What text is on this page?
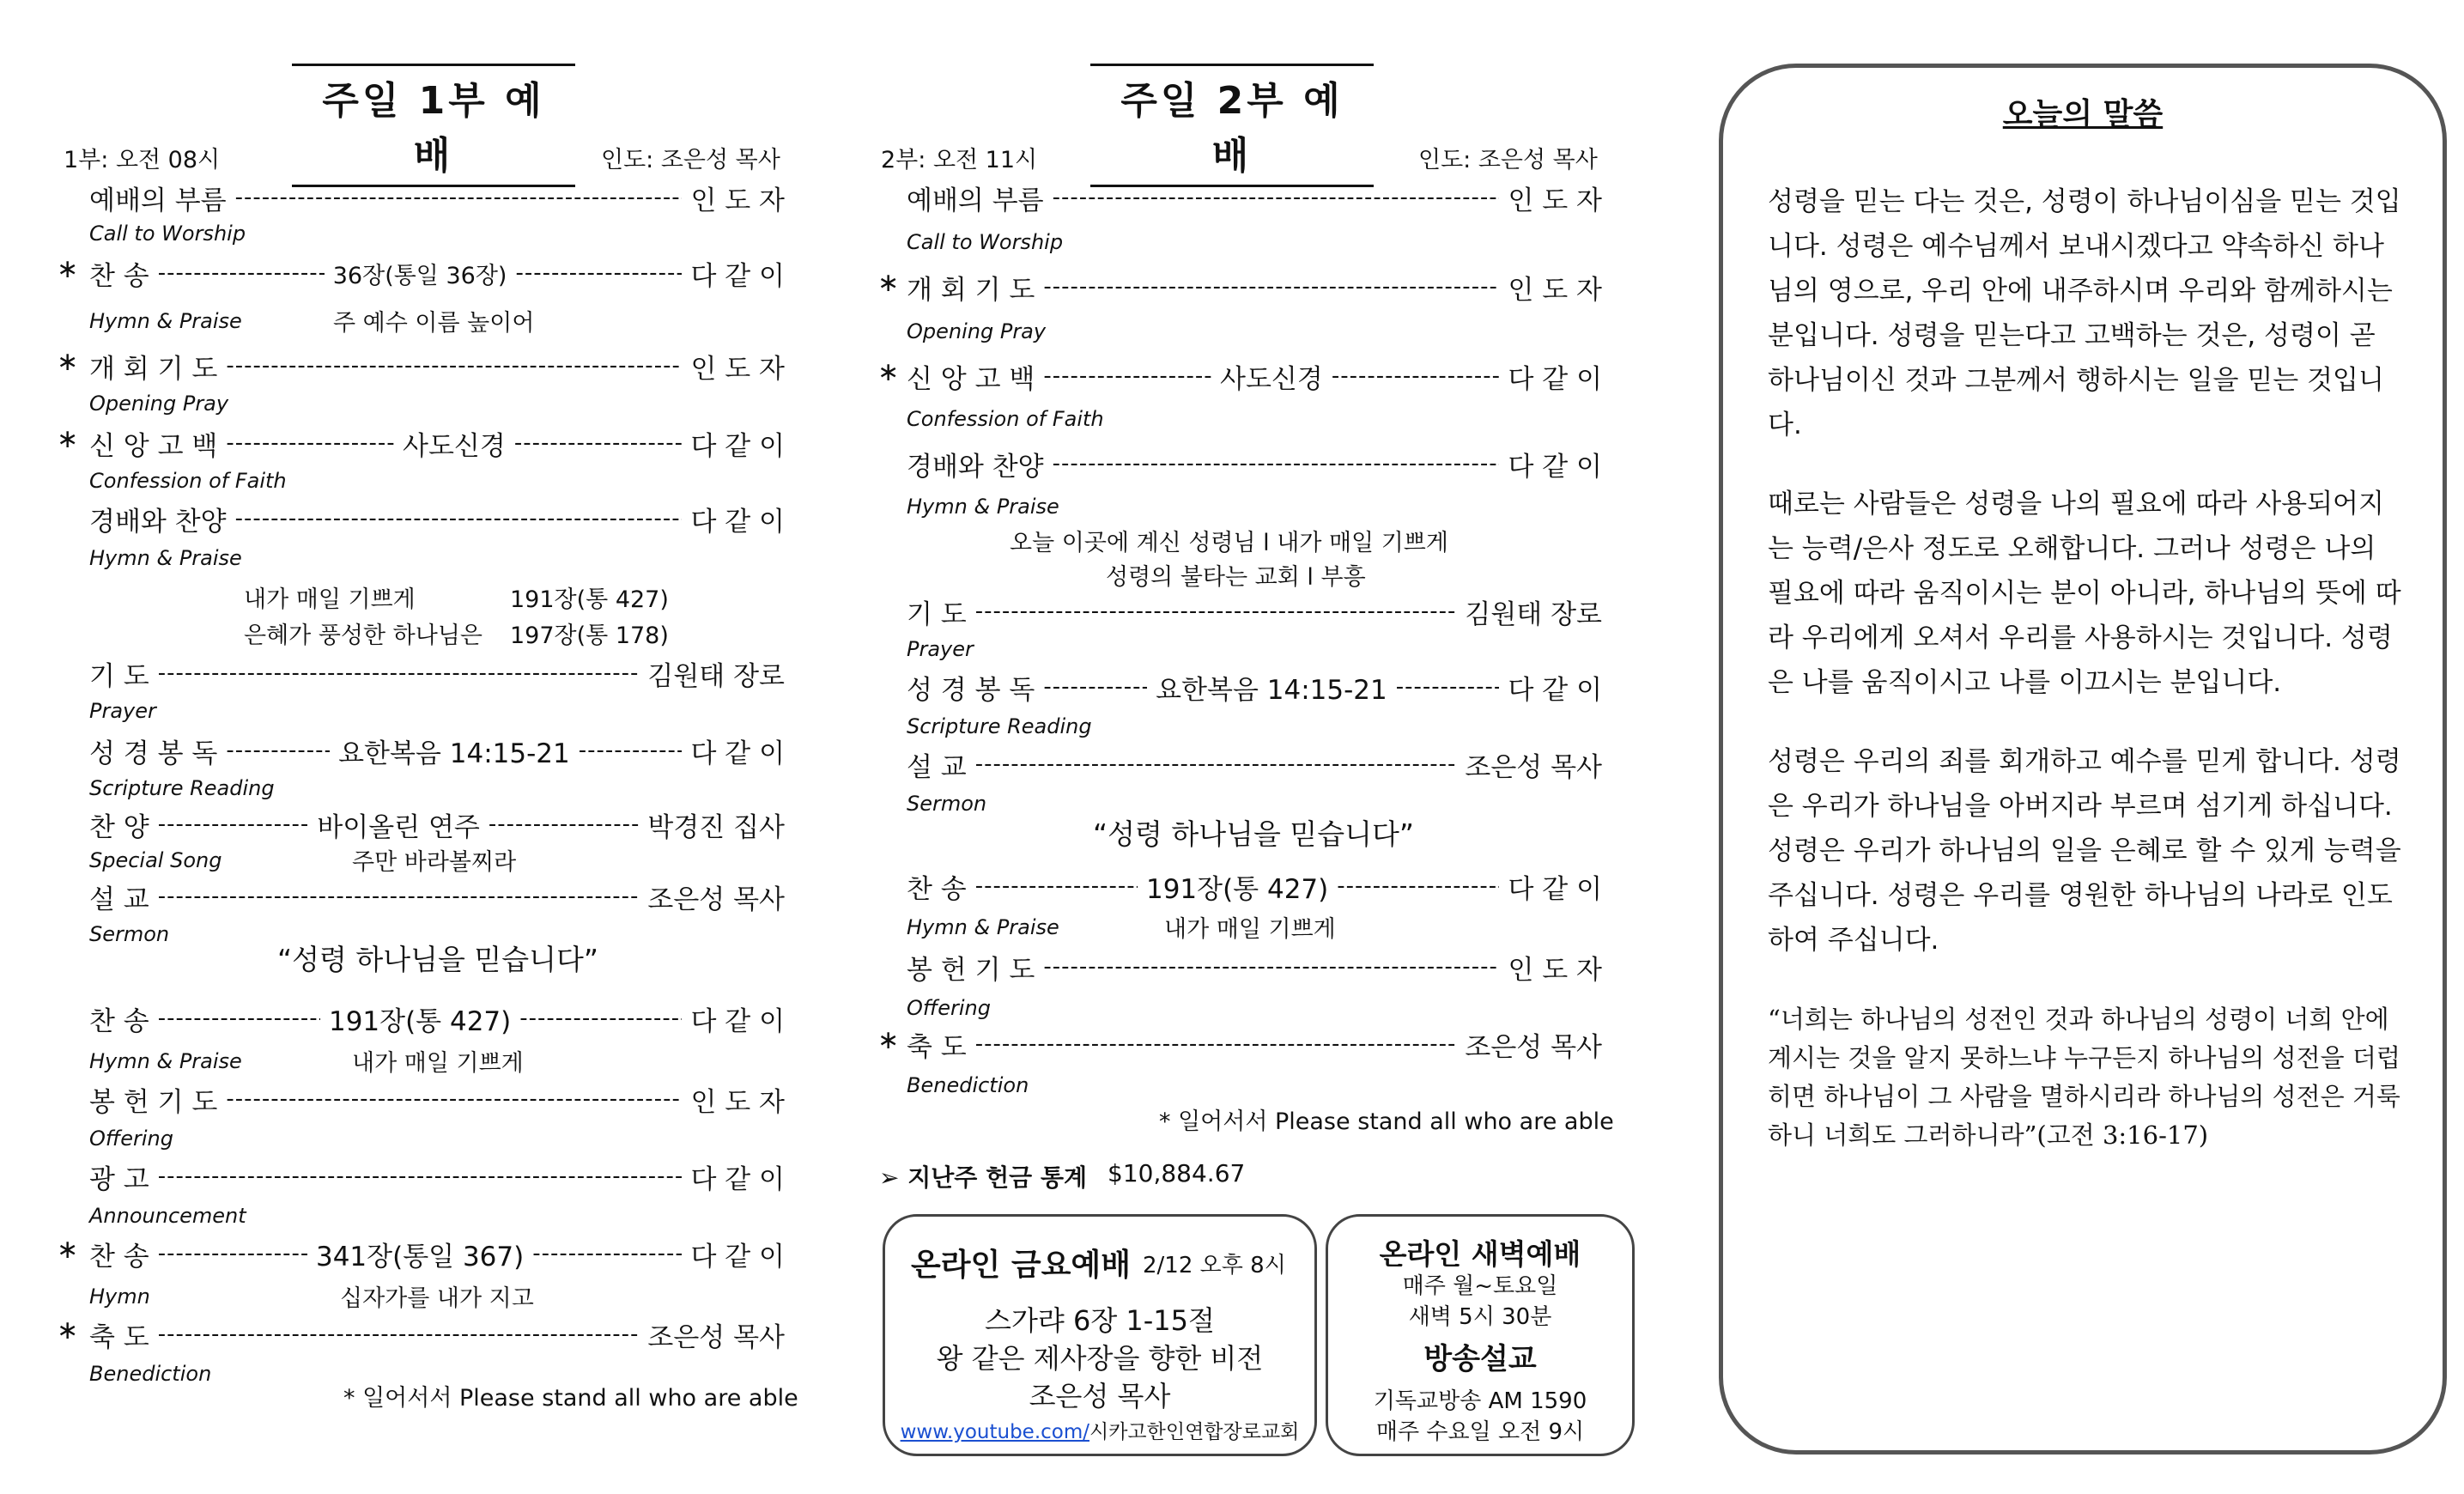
주일 1부 예배
1부: 오전 08시	인도: 조은성 목사
예배의 부름 -----	인 도 자
Call to Worship
∗ 찬 송 -----	36장(통일 36장) -----	다 같 이
Hymn & Praise	주 예수 이름 높이어
∗ 개 회 기 도 -----	인 도 자
Opening Pray
∗ 신 앙 고 백 -----	사도신경 -----	다 같 이
Confession of Faith
경배와 찬양 -----	다 같 이
Hymn & Praise
내가 매일 기쁘게	191장(통 427)
은혜가 풍성한 하나님은 197장(통 178)
기 도 -----	김원태 장로
Prayer
성 경 봉 독 -----	요한복음 14:15-21 -----	다 같 이
Scripture Reading
찬 양 -----	바이올린 연주 -----	박경진 집사
Special Song	주만 바라볼찌라
설 교 -----	조은성 목사
Sermon
“성령 하나님을 믿습니다”
찬 송 -----	191장(통 427) -----	다 같 이
Hymn & Praise	내가 매일 기쁘게
봉 헌 기 도 -----	인 도 자
Offering
광 고 -----	다 같 이
Announcement
∗ 찬 송 -----	341장(통일 367) -----	다 같 이
Hymn	십자가를 내가 지고
∗ 축 도 -----	조은성 목사
Benediction
* 일어서서 Please stand all who are able
주일 2부 예배
2부: 오전 11시	인도: 조은성 목사
예배의 부름 -----	인 도 자
Call to Worship
∗ 개 회 기 도 -----	인 도 자
Opening Pray
∗ 신 앙 고 백 -----	사도신경 -----	다 같 이
Confession of Faith
경배와 찬양 -----	다 같 이
Hymn & Praise
오늘 이곳에 계신 성령님 l 내가 매일 기쁘게
성령의 불타는 교회 l 부흥
기 도 -----	김원태 장로
Prayer
성 경 봉 독 -----	요한복음 14:15-21 -----	다 같 이
Scripture Reading
설 교 -----	조은성 목사
Sermon
“성령 하나님을 믿습니다”
찬 송 -----	191장(통 427) -----	다 같 이
Hymn & Praise	내가 매일 기쁘게
봉 헌 기 도 -----	인 도 자
Offering
∗ 축 도 -----	조은성 목사
Benediction
* 일어서서 Please stand all who are able
➢ 지난주 헌금 통계 $10,884.67
온라인 금요예배 2/12 오후 8시
스가랴 6장 1-15절
왕 같은 제사장을 향한 비전
조은성 목사
www.youtube.com/시카고한인연합장로교회
온라인 새벽예배
매주 월~토요일
새벽 5시 30분
방송설교
기독교방송 AM 1590
매주 수요일 오전 9시
오늘의 말씀

성령을 믿는 다는 것은, 성령이 하나님이심을 믿는 것입니다. 성령은 예수님께서 보내시겠다고 약속하신 하나님의 영으로, 우리 안에 내주하시며 우리와 함께하시는 분입니다. 성령을 믿는다고 고백하는 것은, 성령이 곧 하나님이신 것과 그분께서 행하시는 일을 믿는 것입니다.

때로는 사람들은 성령을 나의 필요에 따라 사용되어지는 능력/은사 정도로 오해합니다. 그러나 성령은 나의 필요에 따라 움직이시는 분이 아니라, 하나님의 뜻에 따라 우리에게 오셔서 우리를 사용하시는 것입니다. 성령은 나를 움직이시고 나를 이끄시는 분입니다.

성령은 우리의 죄를 회개하고 예수를 믿게 합니다. 성령은 우리가 하나님을 아버지라 부르며 섬기게 하십니다. 성령은 우리가 하나님의 일을 은혜로 할 수 있게 능력을 주십니다. 성령은 우리를 영원한 하나님의 나라로 인도하여 주십니다.

“너희는 하나님의 성전인 것과 하나님의 성령이 너희 안에 계시는 것을 알지 못하느냐 누구든지 하나님의 성전을 더럽히면 하나님이 그 사람을 멸하시리라 하나님의 성전은 거룩하니 너희도 그러하니라”(고전 3:16-17)
